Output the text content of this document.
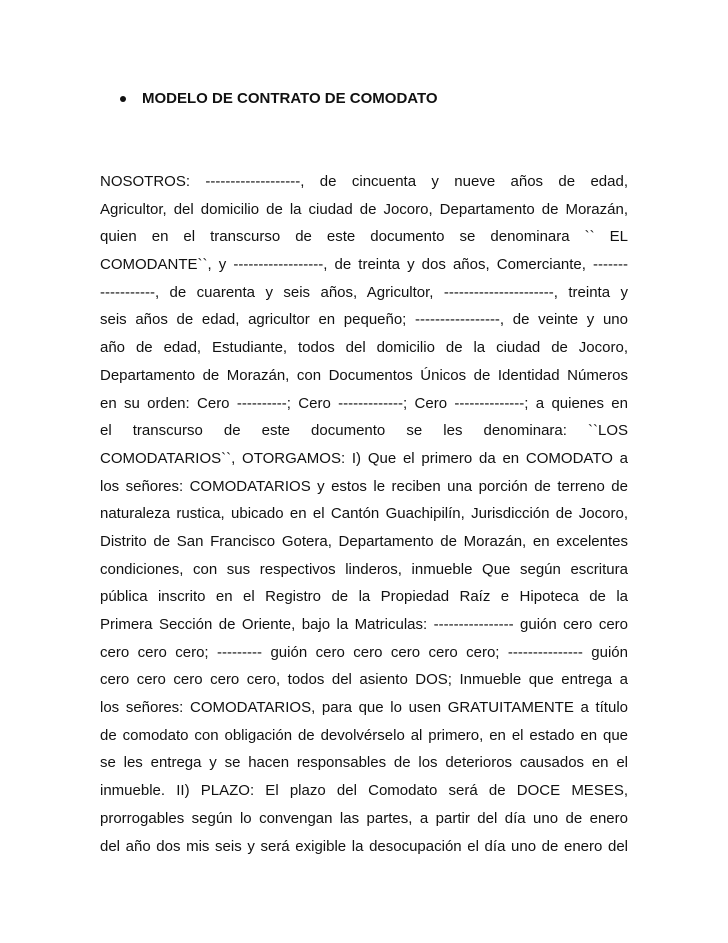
MODELO DE CONTRATO DE COMODATO
NOSOTROS: -------------------, de cincuenta y nueve años de edad,
Agricultor, del domicilio de la ciudad de Jocoro, Departamento de Morazán,
quien en el transcurso de este documento se denominara `` EL
COMODANTE``, y ------------------, de treinta y dos años, Comerciante, -------
-----------, de cuarenta y seis años, Agricultor, ----------------------, treinta y
seis años de edad, agricultor en pequeño; -----------------, de veinte y uno
año de edad, Estudiante, todos del domicilio de la ciudad de Jocoro,
Departamento de Morazán, con Documentos Únicos de Identidad Números
en su orden: Cero ----------; Cero -------------; Cero --------------; a quienes en
el transcurso de este documento se les denominara: ``LOS
COMODATARIOS``, OTORGAMOS: I) Que el primero da en COMODATO a
los señores: COMODATARIOS y estos le reciben una porción de terreno de
naturaleza rustica, ubicado en el Cantón Guachipilín, Jurisdicción de Jocoro,
Distrito de San Francisco Gotera, Departamento de Morazán, en excelentes
condiciones, con sus respectivos linderos, inmueble Que según escritura
pública inscrito en el Registro de la Propiedad Raíz e Hipoteca de la
Primera Sección de Oriente, bajo la Matriculas: ---------------- guión cero cero
cero cero cero; --------- guión cero cero cero cero cero; --------------- guión
cero cero cero cero cero, todos del asiento DOS; Inmueble que entrega a
los señores: COMODATARIOS, para que lo usen GRATUITAMENTE a título
de comodato con obligación de devolvérselo al primero, en el estado en que
se les entrega y se hacen responsables de los deterioros causados en el
inmueble. II) PLAZO: El plazo del Comodato será de DOCE MESES,
prorrogables según lo convengan las partes, a partir del día uno de enero
del año dos mis seis y será exigible la desocupación el día uno de enero del
